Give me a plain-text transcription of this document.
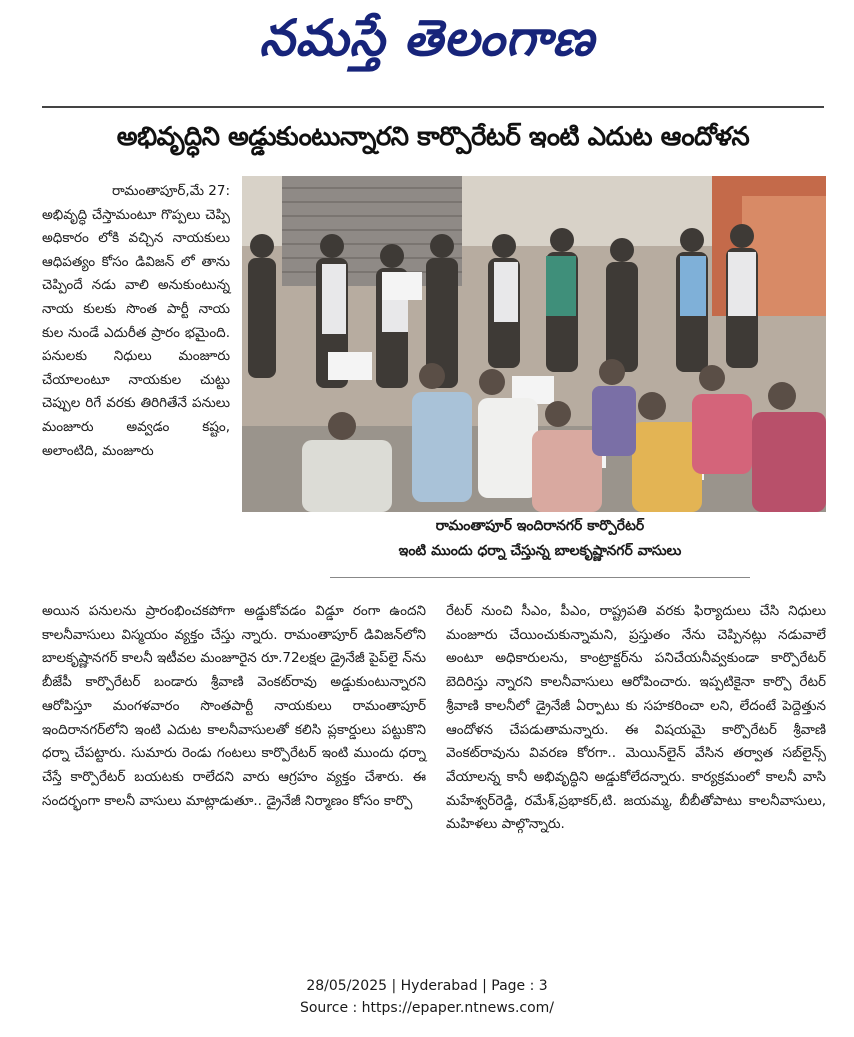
నమస్తే తెలంగాణ
అభివృద్ధిని అడ్డుకుంటున్నారని కార్పొరేటర్ ఇంటి ఎదుట ఆందోళన

రామంతాపూర్,మే 27:

అభివృద్ధి చేస్తామంటూ గొప్పలు చెప్పి అధికారం లోకి వచ్చిన నాయకులు ఆధిపత్యం కోసం డివిజన్ లో తాను చెప్పిందే నడు వాలి అనుకుంటున్న నాయ కులకు సొంత పార్టీ నాయ కుల నుండే ఎదురీత ప్రారం భమైంది. పనులకు నిధులు మంజూరు చేయాలంటూ నాయకుల చుట్టు చెప్పుల రిగే వరకు తిరిగితేనే పనులు మంజూరు అవ్వడం కష్టం, అలాంటిది, మంజూరు

రామంతాపూర్ ఇందిరానగర్ కార్పొరేటర్
ఇంటి ముందు ధర్నా చేస్తున్న బాలకృష్ణానగర్ వాసులు

అయిన పనులను ప్రారంభించకపోగా అడ్డుకోవడం విడ్డూ రంగా ఉందని కాలనీవాసులు విస్మయం వ్యక్తం చేస్తు న్నారు. రామంతాపూర్ డివిజన్‌లోని బాలకృష్ణానగర్ కాలనీ ఇటీవల మంజూరైన రూ.72లక్షల డ్రైనేజీ పైప్‌లై న్‌ను బీజేపీ కార్పొరేటర్ బండారు శ్రీవాణి వెంకట్‌రావు అడ్డుకుంటున్నారని ఆరోపిస్తూ మంగళవారం సొంతపార్టీ నాయకులు రామంతాపూర్ ఇందిరానగర్‌లోని ఇంటి ఎదుట కాలనీవాసులతో కలిసి ప్లకార్డులు పట్టుకొని ధర్నా చేపట్టారు. సుమారు రెండు గంటలు కార్పొరేటర్ ఇంటి ముందు ధర్నా చేస్తే కార్పొరేటర్ బయటకు రాలేదని వారు ఆగ్రహం వ్యక్తం చేశారు. ఈ సందర్భంగా కాలనీ వాసులు మాట్లాడుతూ.. డ్రైనేజీ నిర్మాణం కోసం కార్పొ

రేటర్ నుంచి సీఎం, పీఎం, రాష్ట్రపతి వరకు ఫిర్యాదులు చేసి నిధులు మంజూరు చేయించుకున్నామని, ప్రస్తుతం నేను చెప్పినట్లు నడువాలే అంటూ అధికారులను, కాంట్రాక్టర్‌ను పనిచేయనీవ్వకుండా కార్పొరేటర్ బెదిరిస్తు న్నారని కాలనీవాసులు ఆరోపించారు. ఇప్పటికైనా కార్పొ రేటర్ శ్రీవాణి కాలనీలో డ్రైనేజీ ఏర్పాటు కు సహకరించా లని, లేదంటే పెద్దెత్తున ఆందోళన చేపడుతామన్నారు. ఈ విషయమై కార్పొరేటర్ శ్రీవాణి వెంకట్‌రావును వివరణ కోరగా.. మెయిన్‌లైన్ వేసిన తర్వాత సబ్‌లైన్స్ వేయాలన్న కానీ అభివృద్ధిని అడ్డుకోలేదన్నారు. కార్యక్రమంలో కాలనీ వాసి మహేశ్వర్‌రెడ్డి, రమేశ్,ప్రభాకర్,టి. జయమ్మ, బీబీతోపాటు కాలనీవాసులు, మహిళలు పాల్గొన్నారు.

28/05/2025 | Hyderabad | Page : 3
Source : https://epaper.ntnews.com/
